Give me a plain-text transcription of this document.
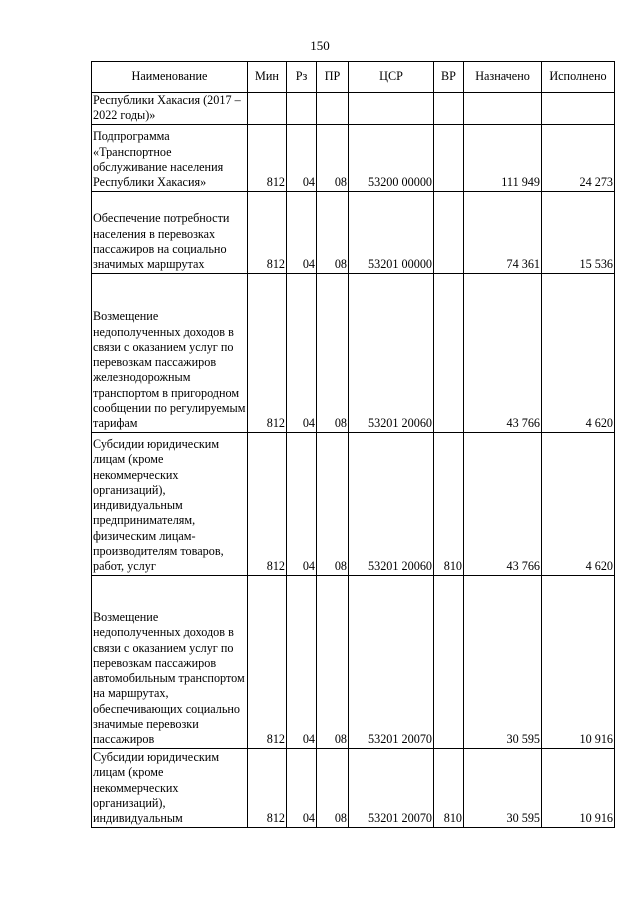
150
Наименование	Мин	Рз	ПР	ЦСР	ВР	Назначено	Исполнено
Республики Хакасия (2017 – 2022 годы)»							
Подпрограмма «Транспортное обслуживание населения Республики Хакасия»	812	04	08	53200 00000		111 949	24 273
Обеспечение потребности населения в перевозках пассажиров на социально значимых маршрутах	812	04	08	53201 00000		74 361	15 536
Возмещение недополученных доходов в связи с оказанием услуг по перевозкам пассажиров железнодорожным транспортом в пригородном сообщении по регулируемым тарифам	812	04	08	53201 20060		43 766	4 620
Субсидии юридическим лицам (кроме некоммерческих организаций), индивидуальным предпринимателям, физическим лицам-производителям товаров, работ, услуг	812	04	08	53201 20060	810	43 766	4 620
Возмещение недополученных доходов в связи с оказанием услуг по перевозкам пассажиров автомобильным транспортом на маршрутах, обеспечивающих социально значимые перевозки пассажиров	812	04	08	53201 20070		30 595	10 916
Субсидии юридическим лицам (кроме некоммерческих организаций), индивидуальным	812	04	08	53201 20070	810	30 595	10 916
